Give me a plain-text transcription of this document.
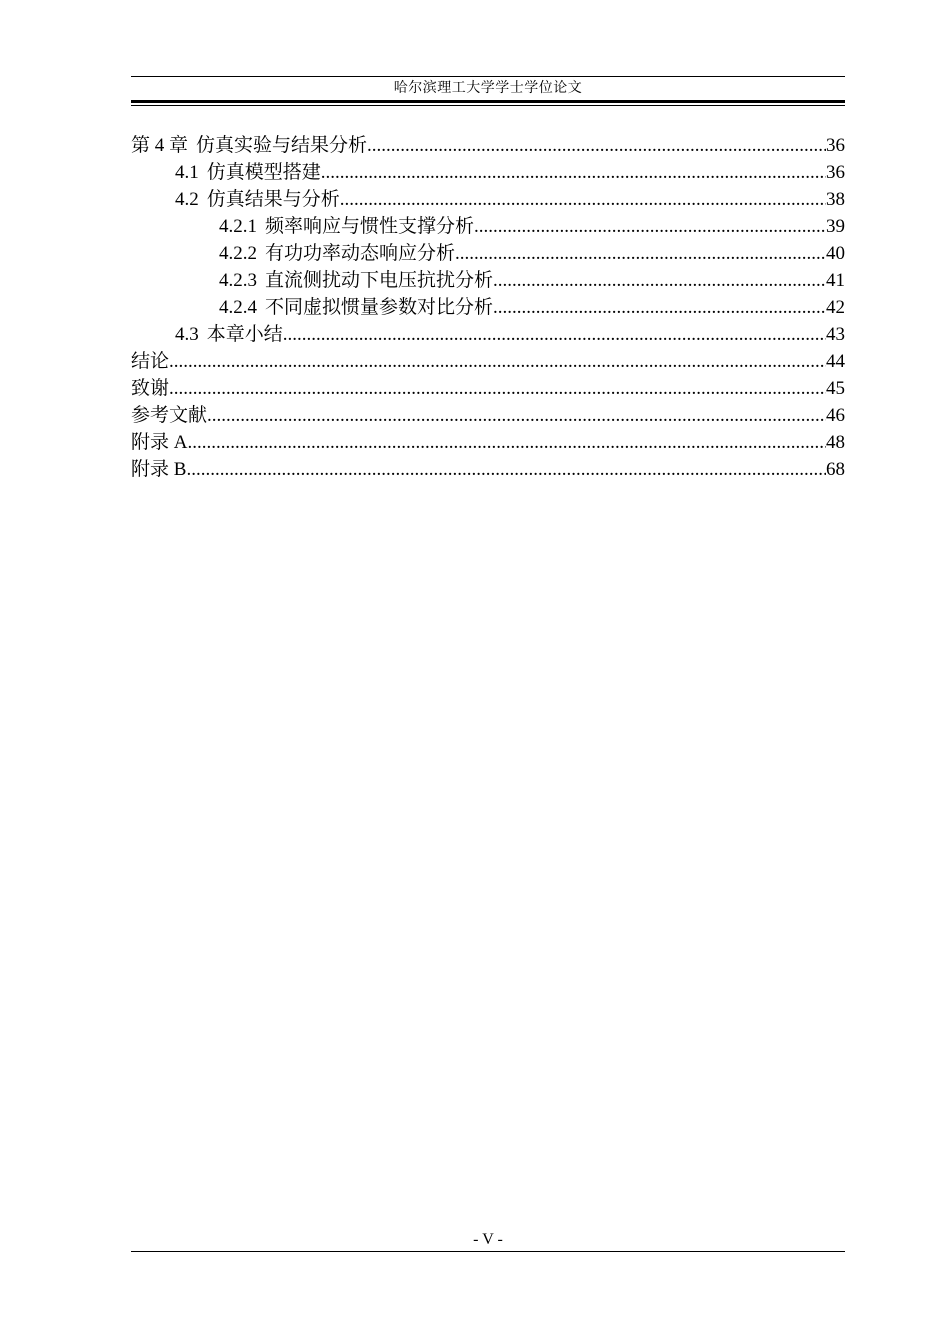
哈尔滨理工大学学士学位论文
第 4 章 仿真实验与结果分析 .....	36
4.1 仿真模型搭建 .....	36
4.2 仿真结果与分析 .....	38
4.2.1 频率响应与惯性支撑分析 .....	39
4.2.2 有功功率动态响应分析 .....	40
4.2.3 直流侧扰动下电压抗扰分析 .....	41
4.2.4 不同虚拟惯量参数对比分析 .....	42
4.3 本章小结 .....	43
结论 .....	44
致谢 .....	45
参考文献 .....	46
附录 A .....	48
附录 B .....	68
- V -
